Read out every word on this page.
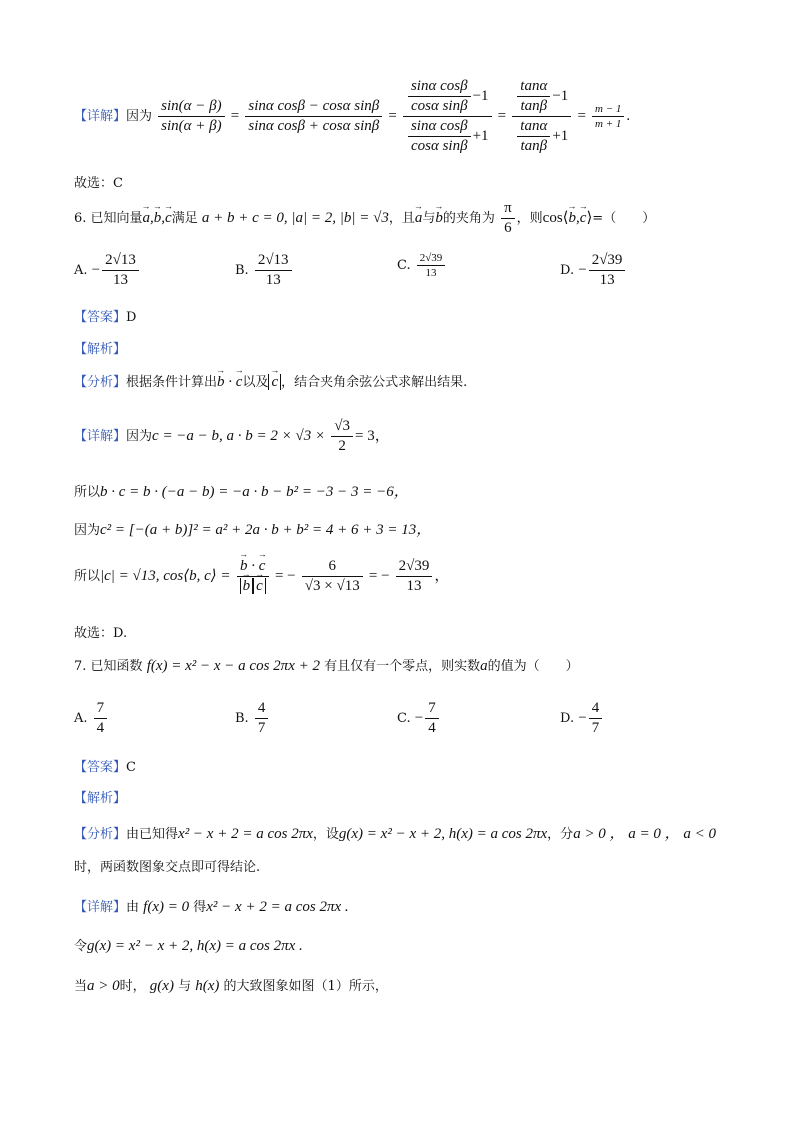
【详解】因为 $\frac{\sin(\alpha - \beta)}{\sin(\alpha + \beta)} = \frac{\text{sinα cosβ − cosα sinβ}}{\text{sinα cosβ + cosα sinβ}} = \frac{\frac{\text{sinα cosβ}}{\text{cosα sinβ}} -1}{\frac{\text{sinα cosβ}}{\text{cosα sinβ}} +1} = \frac{\frac{\tan\alpha}{\tan\beta} -1}{\frac{\tan\alpha}{\tan\beta} +1} = \frac{m - 1}{m + 1}$ .
故选：C
6. 已知向量→ a,→ b,→ c满足 a + b + c = 0, |a| = 2, |b| = √3，且→ a与→ b的夹角为 $\frac{\pi}{6}$ ，则cos⟨→ b,→ c⟩=（　　）
A. − $\frac{2√13}{13}$	B. $\frac{2√13}{13}$	C. $\frac{2√39}{13}$	D. − $\frac{2√39}{13}$
【答案】D
【解析】
【分析】根据条件计算出→ b · → c以及 → c ，结合夹角余弦公式求解出结果.
【详解】因为c = −a − b, $a \cdot b = 2 \times √3 \times \frac{√3}{2} = 3$，
所以b · c = b · (−a − b) = −a · b − b² = −3 − 3 = −6，
因为c² = [−(a + b)]² = a² + 2a · b + b² = 4 + 6 + 3 = 13，
所以|c| = √13, cos⟨b, c⟩ = → b · → c
→ b → c = − $\frac{6}{√3 \times √13}$ = − $\frac{2√39}{13}$ ，
故选：D.
7. 已知函数 f(x) = x² − x − a cos 2πx + 2 有且仅有一个零点，则实数a的值为（　　）
A. $\frac{7}{4}$	B. $\frac{4}{7}$	C. − $\frac{7}{4}$	D. − $\frac{4}{7}$
【答案】C
【解析】
【分析】由已知得x² − x + 2 = a cos 2πx，设g(x) = x² − x + 2, h(x) = a cos 2πx，分a > 0 ， a = 0 ， a < 0
时，两函数图象交点即可得结论.
【详解】由 f(x) = 0 得x² − x + 2 = a cos 2πx .
令g(x) = x² − x + 2, h(x) = a cos 2πx .
当a > 0时， g(x) 与 h(x) 的大致图象如图（1）所示，
